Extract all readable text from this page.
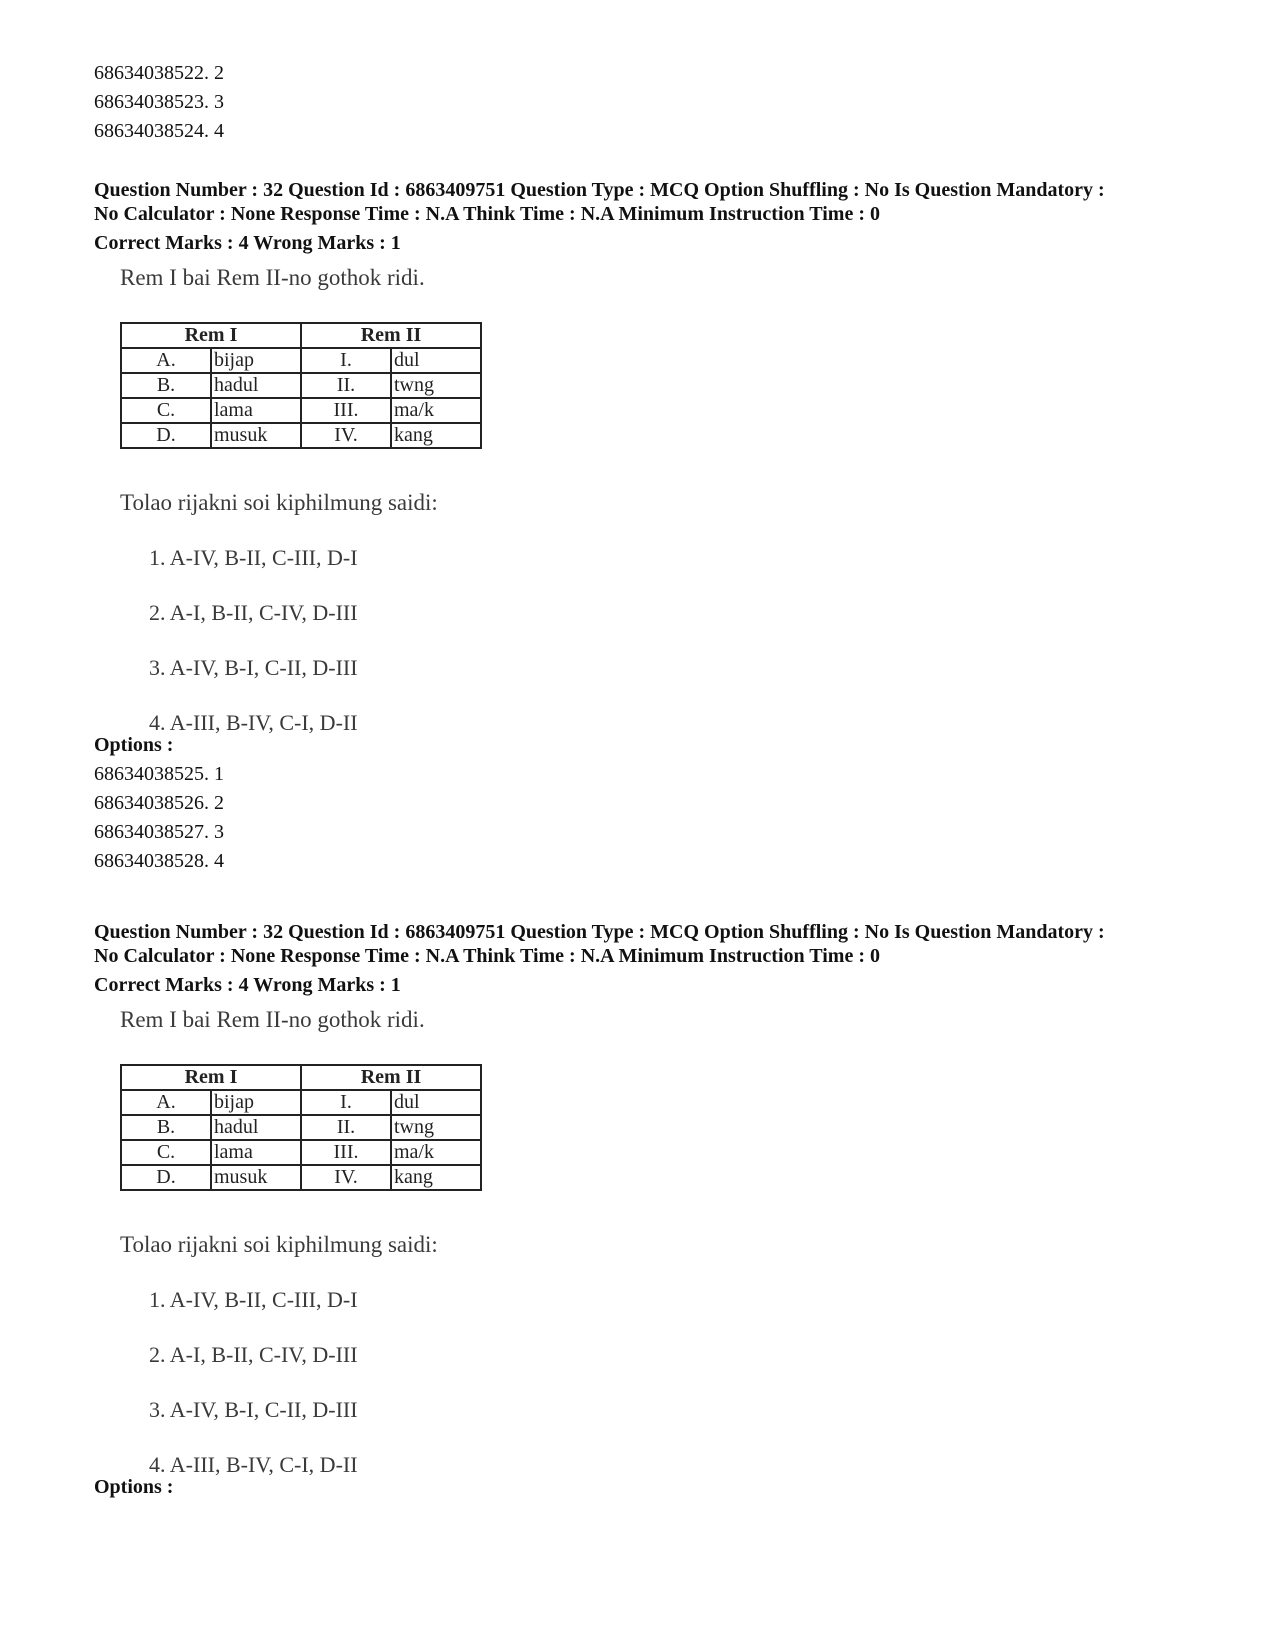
68634038522. 2
68634038523. 3
68634038524. 4
Question Number : 32 Question Id : 6863409751 Question Type : MCQ Option Shuffling : No Is Question Mandatory :
No Calculator : None Response Time : N.A Think Time : N.A Minimum Instruction Time : 0
Correct Marks : 4 Wrong Marks : 1
Rem I bai Rem II-no gothok ridi.
Rem I		Rem II	
A.	bijap	I.	dul
B.	hadul	II.	twng
C.	lama	III.	ma/k
D.	musuk	IV.	kang
Tolao rijakni soi kiphilmung saidi:
1. A-IV, B-II, C-III, D-I
2. A-I, B-II, C-IV, D-III
3. A-IV, B-I, C-II, D-III
4. A-III, B-IV, C-I, D-II
Options :
68634038525. 1
68634038526. 2
68634038527. 3
68634038528. 4
Question Number : 32 Question Id : 6863409751 Question Type : MCQ Option Shuffling : No Is Question Mandatory :
No Calculator : None Response Time : N.A Think Time : N.A Minimum Instruction Time : 0
Correct Marks : 4 Wrong Marks : 1
Rem I bai Rem II-no gothok ridi.
Rem I		Rem II	
A.	bijap	I.	dul
B.	hadul	II.	twng
C.	lama	III.	ma/k
D.	musuk	IV.	kang
Tolao rijakni soi kiphilmung saidi:
1. A-IV, B-II, C-III, D-I
2. A-I, B-II, C-IV, D-III
3. A-IV, B-I, C-II, D-III
4. A-III, B-IV, C-I, D-II
Options :
